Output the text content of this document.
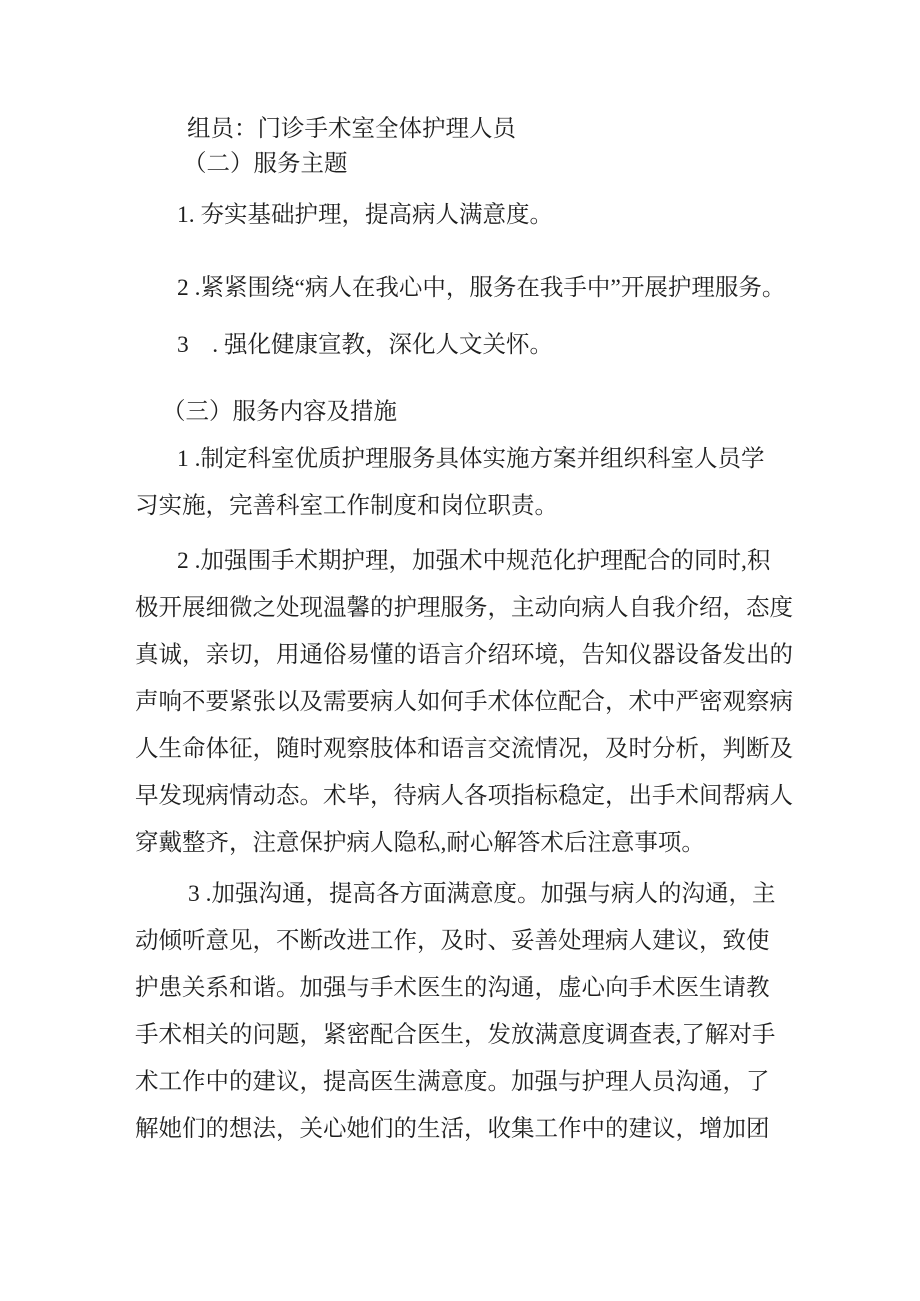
组员：门诊手术室全体护理人员
（二）服务主题
1. 夯实基础护理，提高病人满意度。
2 .紧紧围绕“病人在我心中，服务在我手中”开展护理服务。
3　. 强化健康宣教，深化人文关怀。
（三）服务内容及措施
1 .制定科室优质护理服务具体实施方案并组织科室人员学
习实施，完善科室工作制度和岗位职责。
2 .加强围手术期护理，加强术中规范化护理配合的同时,积
极开展细微之处现温馨的护理服务，主动向病人自我介绍，态度
真诚，亲切，用通俗易懂的语言介绍环境，告知仪器设备发出的
声响不要紧张以及需要病人如何手术体位配合，术中严密观察病
人生命体征，随时观察肢体和语言交流情况，及时分析，判断及
早发现病情动态。术毕，待病人各项指标稳定，出手术间帮病人
穿戴整齐，注意保护病人隐私,耐心解答术后注意事项。
3 .加强沟通，提高各方面满意度。加强与病人的沟通，主
动倾听意见，不断改进工作，及时、妥善处理病人建议，致使
护患关系和谐。加强与手术医生的沟通，虚心向手术医生请教
手术相关的问题，紧密配合医生，发放满意度调查表,了解对手
术工作中的建议，提高医生满意度。加强与护理人员沟通，了
解她们的想法，关心她们的生活，收集工作中的建议，增加团
